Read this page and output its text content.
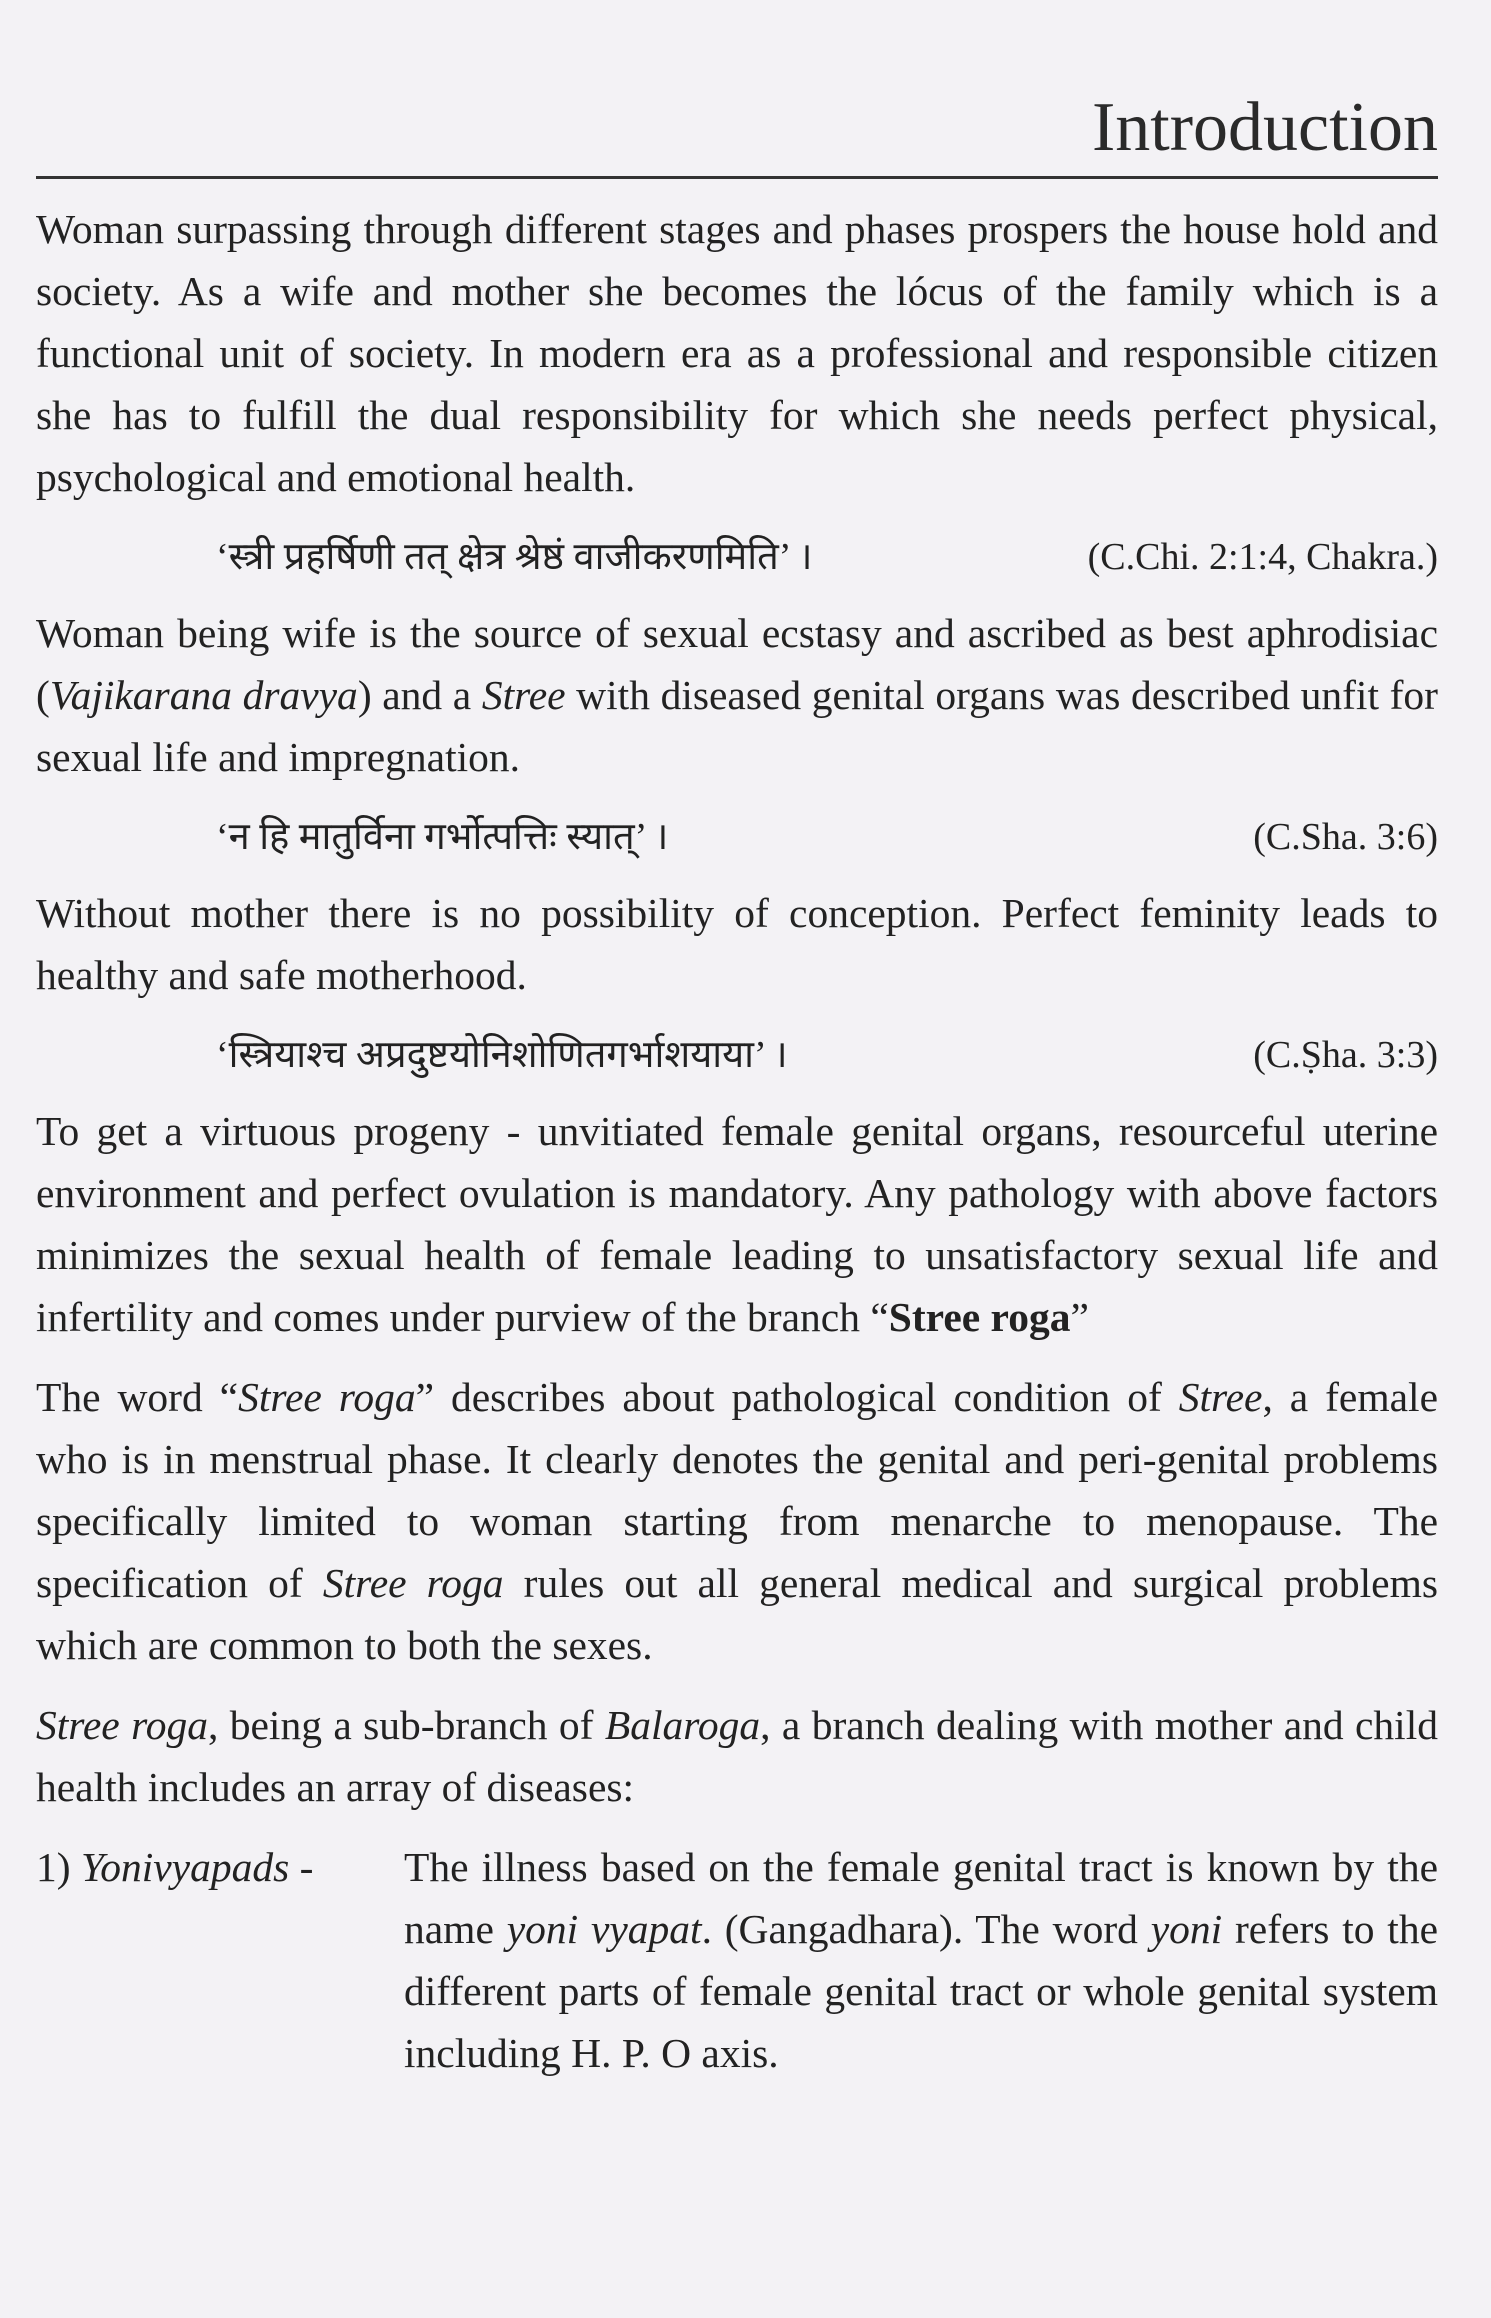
Introduction

Woman surpassing through different stages and phases prospers the house hold and society. As a wife and mother she becomes the lócus of the family which is a functional unit of society. In modern era as a professional and responsible citizen she has to fulfill the dual responsibility for which she needs perfect physical, psychological and emotional health.

‘स्त्री प्रहर्षिणी तत् क्षेत्र श्रेष्ठं वाजीकरणमिति’ ।	(C.Chi. 2:1:4, Chakra.)

Woman being wife is the source of sexual ecstasy and ascribed as best aphrodisiac (Vajikarana dravya) and a Stree with diseased genital organs was described unfit for sexual life and impregnation.

‘न हि मातुर्विना गर्भोत्पत्तिः स्यात्’ ।	(C.Sha. 3:6)

Without mother there is no possibility of conception. Perfect feminity leads to healthy and safe motherhood.

‘स्त्रियाश्च अप्रदुष्टयोनिशोणितगर्भाशयाया’ ।	(C.Ṣha. 3:3)

To get a virtuous progeny - unvitiated female genital organs, resourceful uterine environment and perfect ovulation is mandatory. Any pathology with above factors minimizes the sexual health of female leading to unsatisfactory sexual life and infertility and comes under purview of the branch “Stree roga”

The word “Stree roga” describes about pathological condition of Stree, a female who is in menstrual phase. It clearly denotes the genital and peri-genital problems specifically limited to woman starting from menarche to menopause. The specification of Stree roga rules out all general medical and surgical problems which are common to both the sexes.

Stree roga, being a sub-branch of Balaroga, a branch dealing with mother and child health includes an array of diseases:

1) Yonivyapads -	The illness based on the female genital tract is known by the name yoni vyapat. (Gangadhara). The word yoni refers to the different parts of female genital tract or whole genital system including H. P. O axis.
